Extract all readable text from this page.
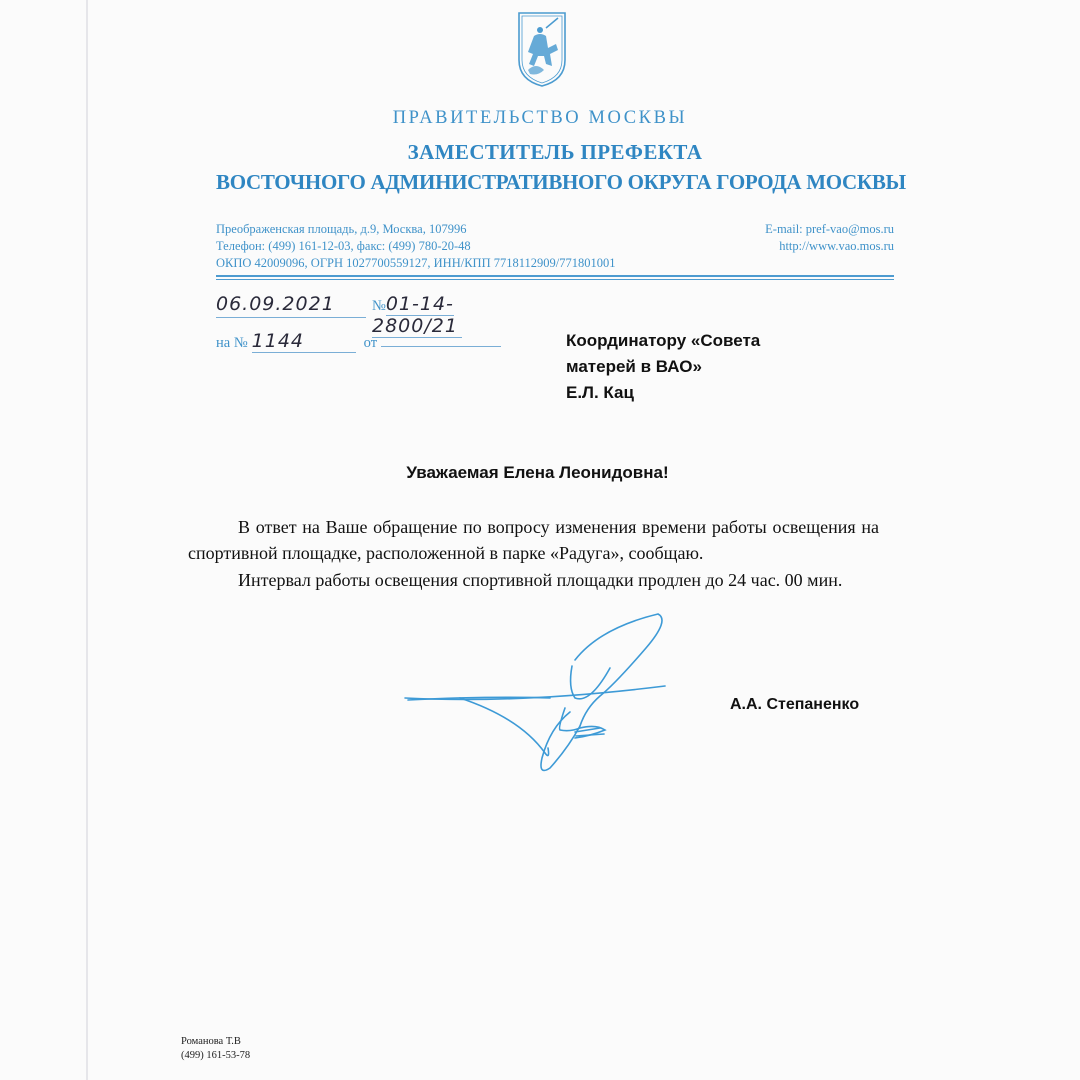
ПРАВИТЕЛЬСТВО МОСКВЫ
ЗАМЕСТИТЕЛЬ ПРЕФЕКТА
ВОСТОЧНОГО АДМИНИСТРАТИВНОГО ОКРУГА ГОРОДА МОСКВЫ
Преображенская площадь, д.9, Москва, 107996
Телефон: (499) 161-12-03, факс: (499) 780-20-48
ОКПО 42009096, ОГРН 1027700559127, ИНН/КПП 7718112909/771801001
E-mail: pref-vao@mos.ru
http://www.vao.mos.ru
06.09.2021	№01-14-2800/21
на № 1144	от	Координатору «Совета
матерей в ВАО»
Е.Л. Кац
Уважаемая Елена Леонидовна!
В ответ на Ваше обращение по вопросу изменения времени работы освещения на спортивной площадке, расположенной в парке «Радуга», сообщаю.
Интервал работы освещения спортивной площадки продлен до 24 час. 00 мин.
А.А. Степаненко
Романова Т.В
(499) 161-53-78
